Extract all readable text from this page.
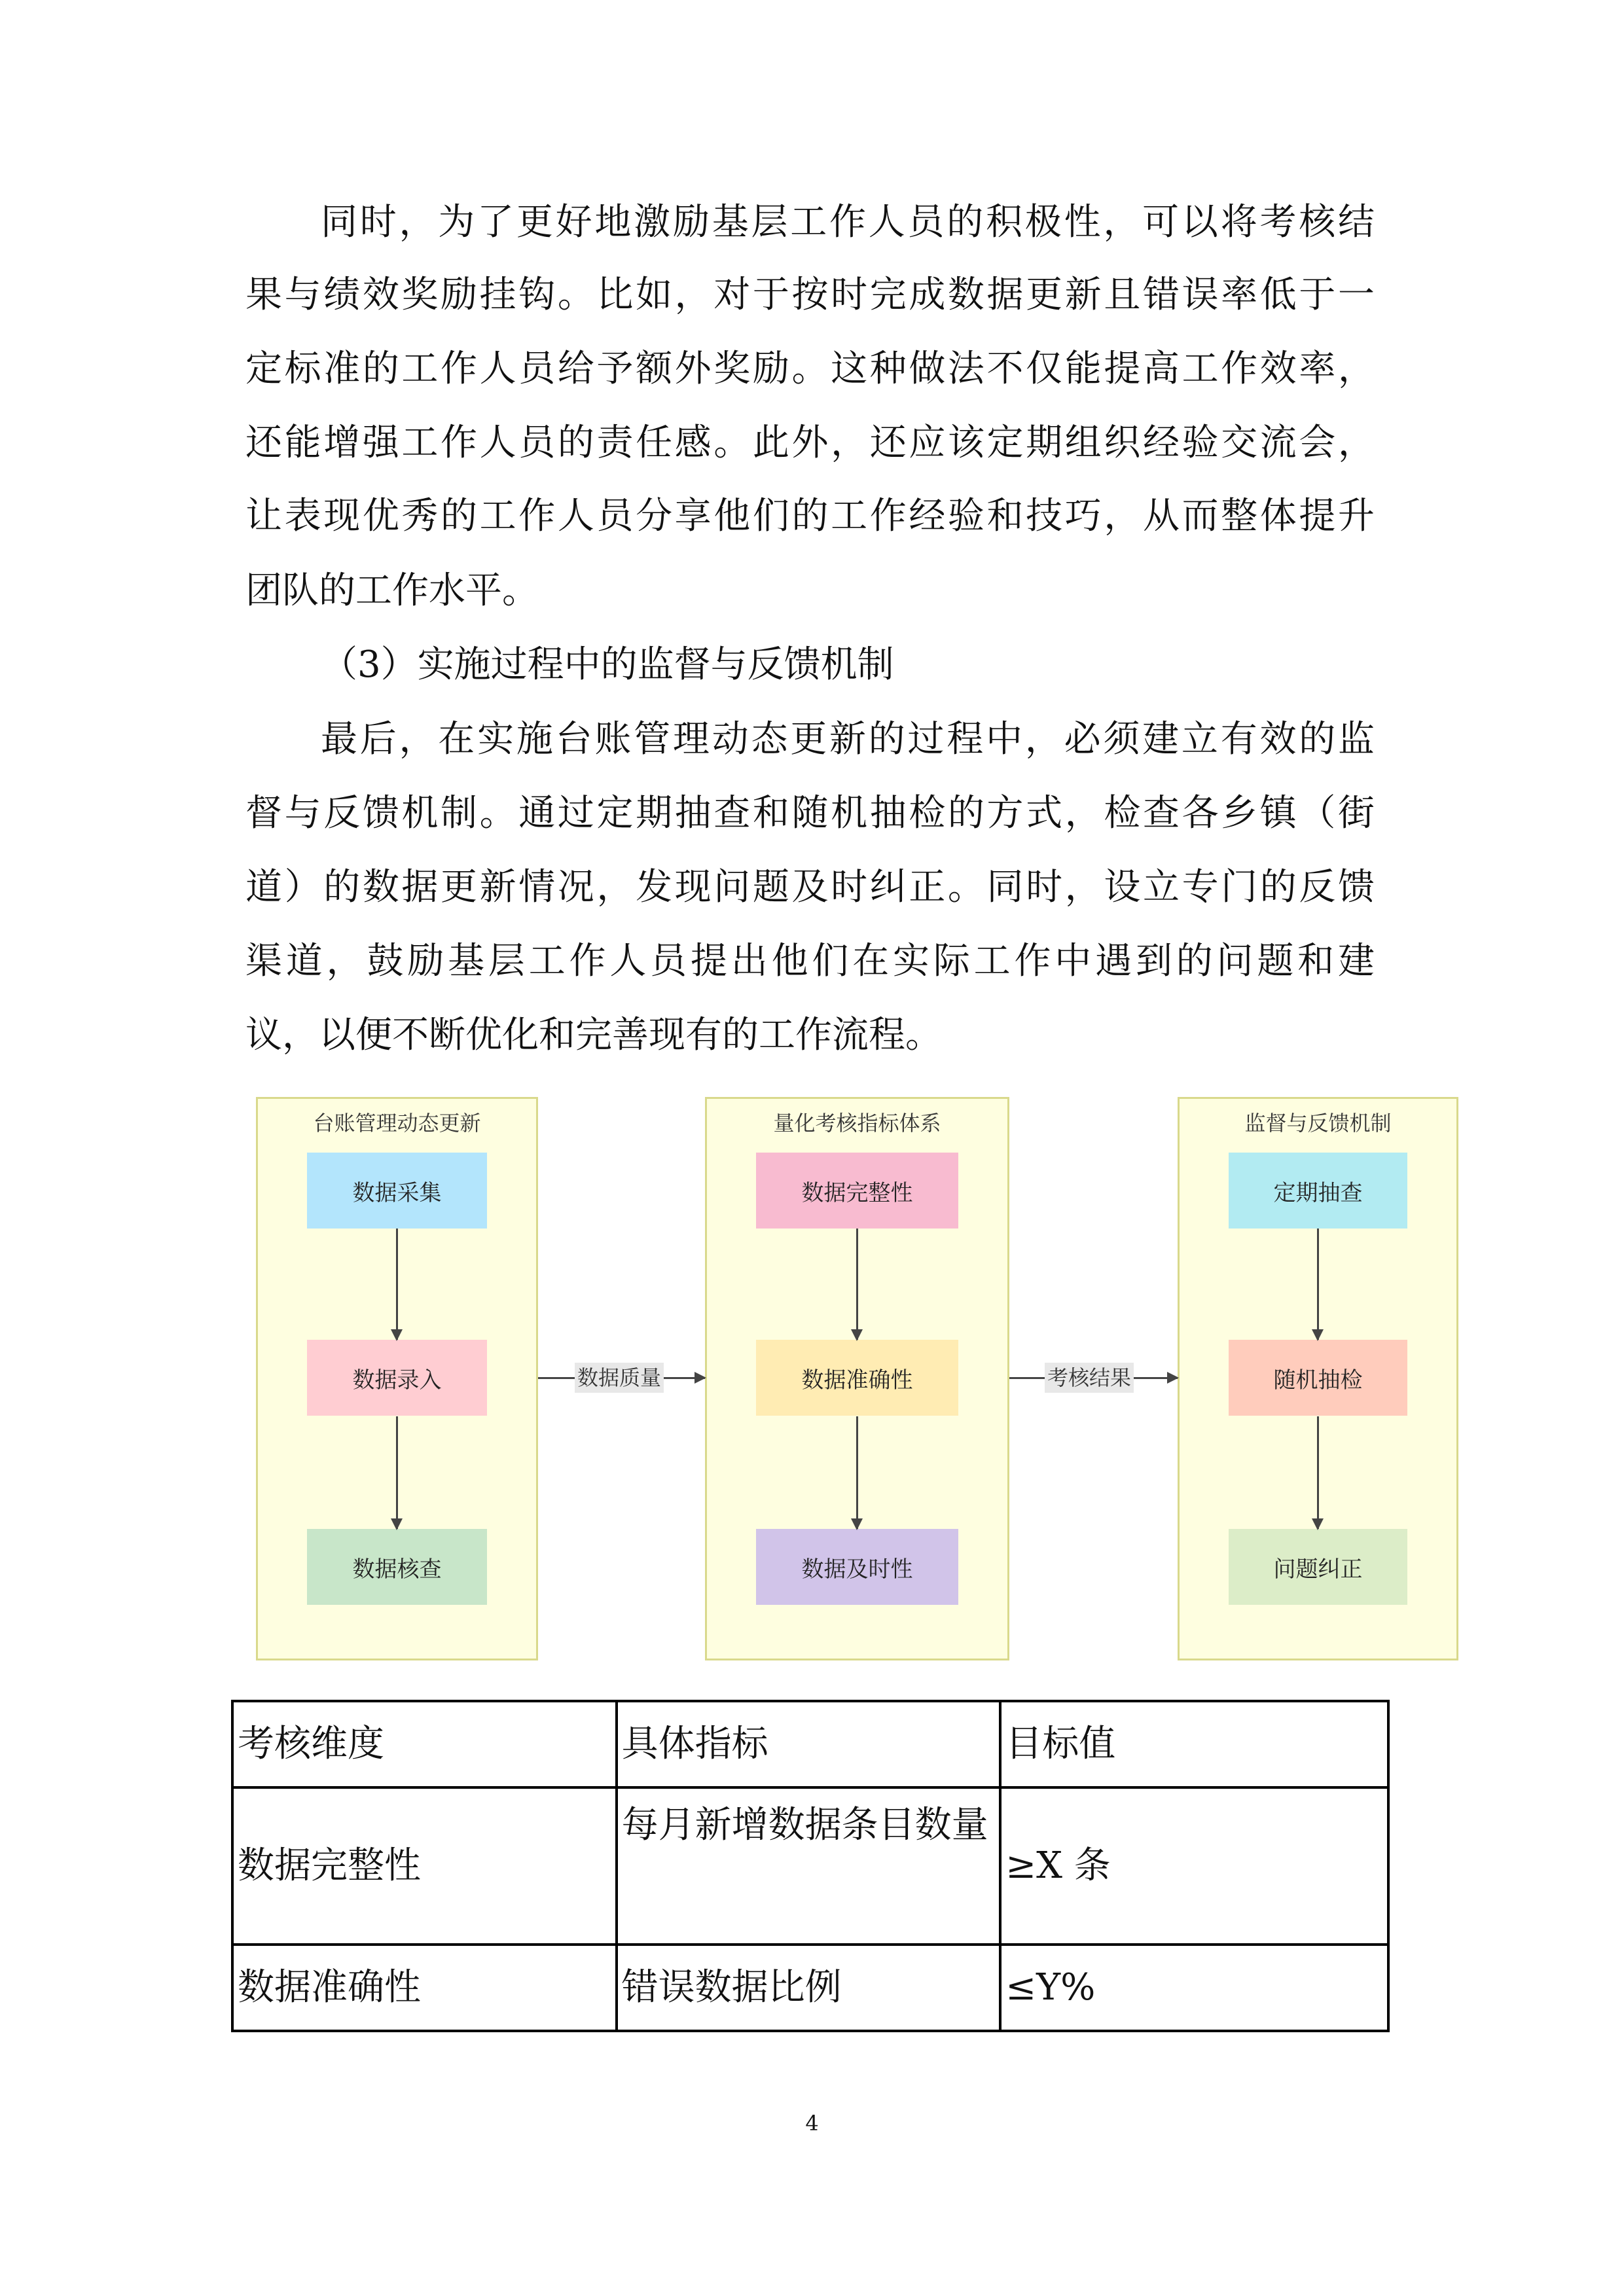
同时，为了更好地激励基层工作人员的积极性，可以将考核结
果与绩效奖励挂钩。比如，对于按时完成数据更新且错误率低于一
定标准的工作人员给予额外奖励。这种做法不仅能提高工作效率，
还能增强工作人员的责任感。此外，还应该定期组织经验交流会，
让表现优秀的工作人员分享他们的工作经验和技巧，从而整体提升
团队的工作水平。
（3）实施过程中的监督与反馈机制
最后，在实施台账管理动态更新的过程中，必须建立有效的监
督与反馈机制。通过定期抽查和随机抽检的方式，检查各乡镇（街
道）的数据更新情况，发现问题及时纠正。同时，设立专门的反馈
渠道，鼓励基层工作人员提出他们在实际工作中遇到的问题和建
议，以便不断优化和完善现有的工作流程。
台账管理动态更新	量化考核指标体系	监督与反馈机制
数据采集
数据录入
数据核查
数据完整性
数据准确性
数据及时性
定期抽查
随机抽检
问题纠正
数据质量	考核结果
考核维度	具体指标	目标值
数据完整性	每月新增数据条目数量	≥X 条
数据准确性	错误数据比例	≤Y%
4
